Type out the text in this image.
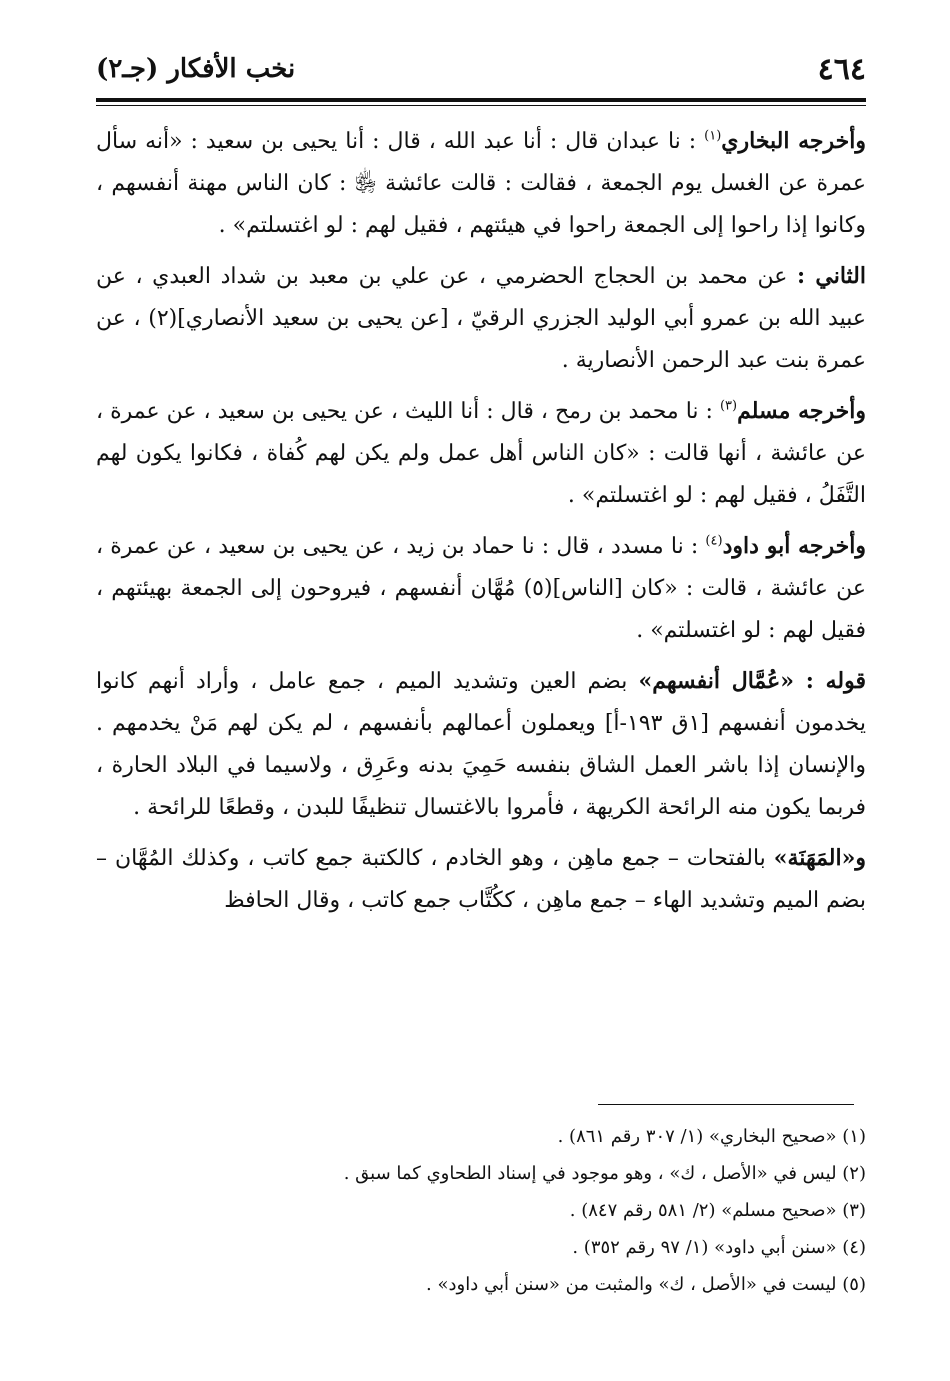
٤٦٤
نخب الأفكار (جـ٢)

وأخرجه البخاري$^{(١)}$ : نا عبدان قال : أنا عبد الله ، قال : أنا يحيى بن سعيد : «أنه سأل عمرة عن الغسل يوم الجمعة ، فقالت : قالت عائشة ﵂ : كان الناس مهنة أنفسهم ، وكانوا إذا راحوا إلى الجمعة راحوا في هيئتهم ، فقيل لهم : لو اغتسلتم» .

الثاني : عن محمد بن الحجاج الحضرمي ، عن علي بن معبد بن شداد العبدي ، عن عبيد الله بن عمرو أبي الوليد الجزري الرقيّ ، [عن يحيى بن سعيد الأنصاري](٢) ، عن عمرة بنت عبد الرحمن الأنصارية .

وأخرجه مسلم$^{(٣)}$ : نا محمد بن رمح ، قال : أنا الليث ، عن يحيى بن سعيد ، عن عمرة ، عن عائشة ، أنها قالت : «كان الناس أهل عمل ولم يكن لهم كُفاة ، فكانوا يكون لهم التَّفَلُ ، فقيل لهم : لو اغتسلتم» .

وأخرجه أبو داود$^{(٤)}$ : نا مسدد ، قال : نا حماد بن زيد ، عن يحيى بن سعيد ، عن عمرة ، عن عائشة ، قالت : «كان [الناس](٥) مُهَّان أنفسهم ، فيروحون إلى الجمعة بهيئتهم ، فقيل لهم : لو اغتسلتم» .

قوله : «عُمَّال أنفسهم» بضم العين وتشديد الميم ، جمع عامل ، وأراد أنهم كانوا يخدمون أنفسهم [١ق ١٩٣-أ] ويعملون أعمالهم بأنفسهم ، لم يكن لهم مَنْ يخدمهم . والإنسان إذا باشر العمل الشاق بنفسه حَمِيَ بدنه وعَرِق ، ولاسيما في البلاد الحارة ، فربما يكون منه الرائحة الكريهة ، فأمروا بالاغتسال تنظيفًا للبدن ، وقطعًا للرائحة .

و«المَهَنَة» بالفتحات – جمع ماهِن ، وهو الخادم ، كالكتبة جمع كاتب ، وكذلك المُهَّان – بضم الميم وتشديد الهاء – جمع ماهِن ، ككُتَّاب جمع كاتب ، وقال الحافظ

(١) «صحيح البخاري» (١/ ٣٠٧ رقم ٨٦١) .

(٢) ليس في «الأصل ، ك» ، وهو موجود في إسناد الطحاوي كما سبق .

(٣) «صحيح مسلم» (٢/ ٥٨١ رقم ٨٤٧) .

(٤) «سنن أبي داود» (١/ ٩٧ رقم ٣٥٢) .

(٥) ليست في «الأصل ، ك» والمثبت من «سنن أبي داود» .
